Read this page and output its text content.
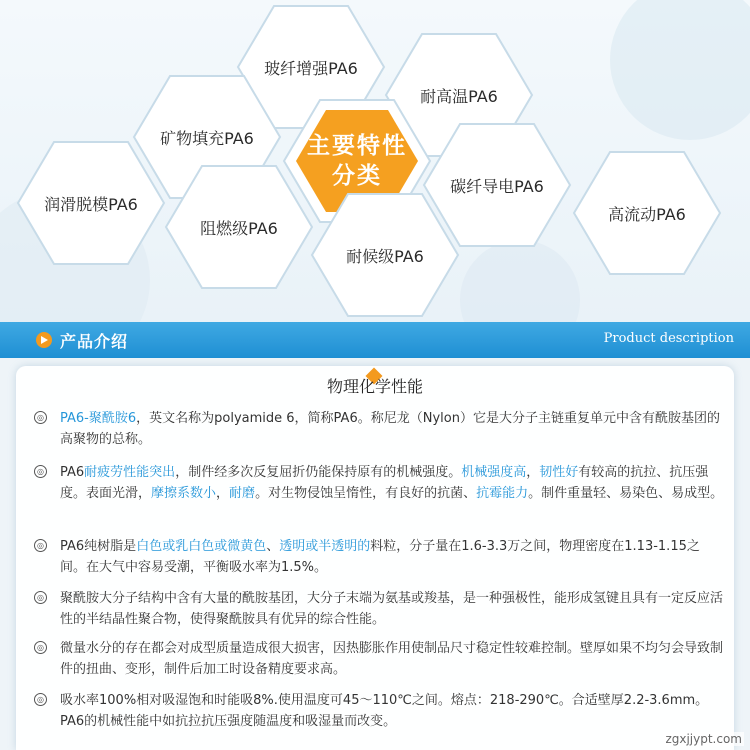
玻纤增强PA6
耐高温PA6
矿物填充PA6 主要特性分类	碳纤导电PA6
润滑脱模PA6
高流动PA6
阻燃级PA6
耐候级PA6
产品介绍	Product description
物理化学性能
◎	PA6-聚酰胺6，英文名称为polyamide 6，简称PA6。称尼龙（Nylon）它是大分子主链重复单元中含有酰胺基团的高聚物的总称。
◎	PA6耐疲劳性能突出，制件经多次反复屈折仍能保持原有的机械强度。机械强度高，韧性好有较高的抗拉、抗压强度。表面光滑，摩擦系数小，耐磨。对生物侵蚀呈惰性，有良好的抗菌、抗霉能力。制件重量轻、易染色、易成型。
◎	PA6纯树脂是白色或乳白色或微黄色、透明或半透明的料粒，分子量在1.6-3.3万之间，物理密度在1.13-1.15之间。在大气中容易受潮，平衡吸水率为1.5%。
◎	聚酰胺大分子结构中含有大量的酰胺基团，大分子末端为氨基或羧基，是一种强极性，能形成氢键且具有一定反应活性的半结晶性聚合物，使得聚酰胺具有优异的综合性能。
◎	微量水分的存在都会对成型质量造成很大损害，因热膨胀作用使制品尺寸稳定性较难控制。壁厚如果不均匀会导致制件的扭曲、变形，制件后加工时设备精度要求高。
◎	吸水率100%相对吸湿饱和时能吸8%.使用温度可45～110℃之间。熔点：218-290℃。合适壁厚2.2-3.6mm。PA6的机械性能中如抗拉抗压强度随温度和吸湿量而改变。
zgxjjypt.com
